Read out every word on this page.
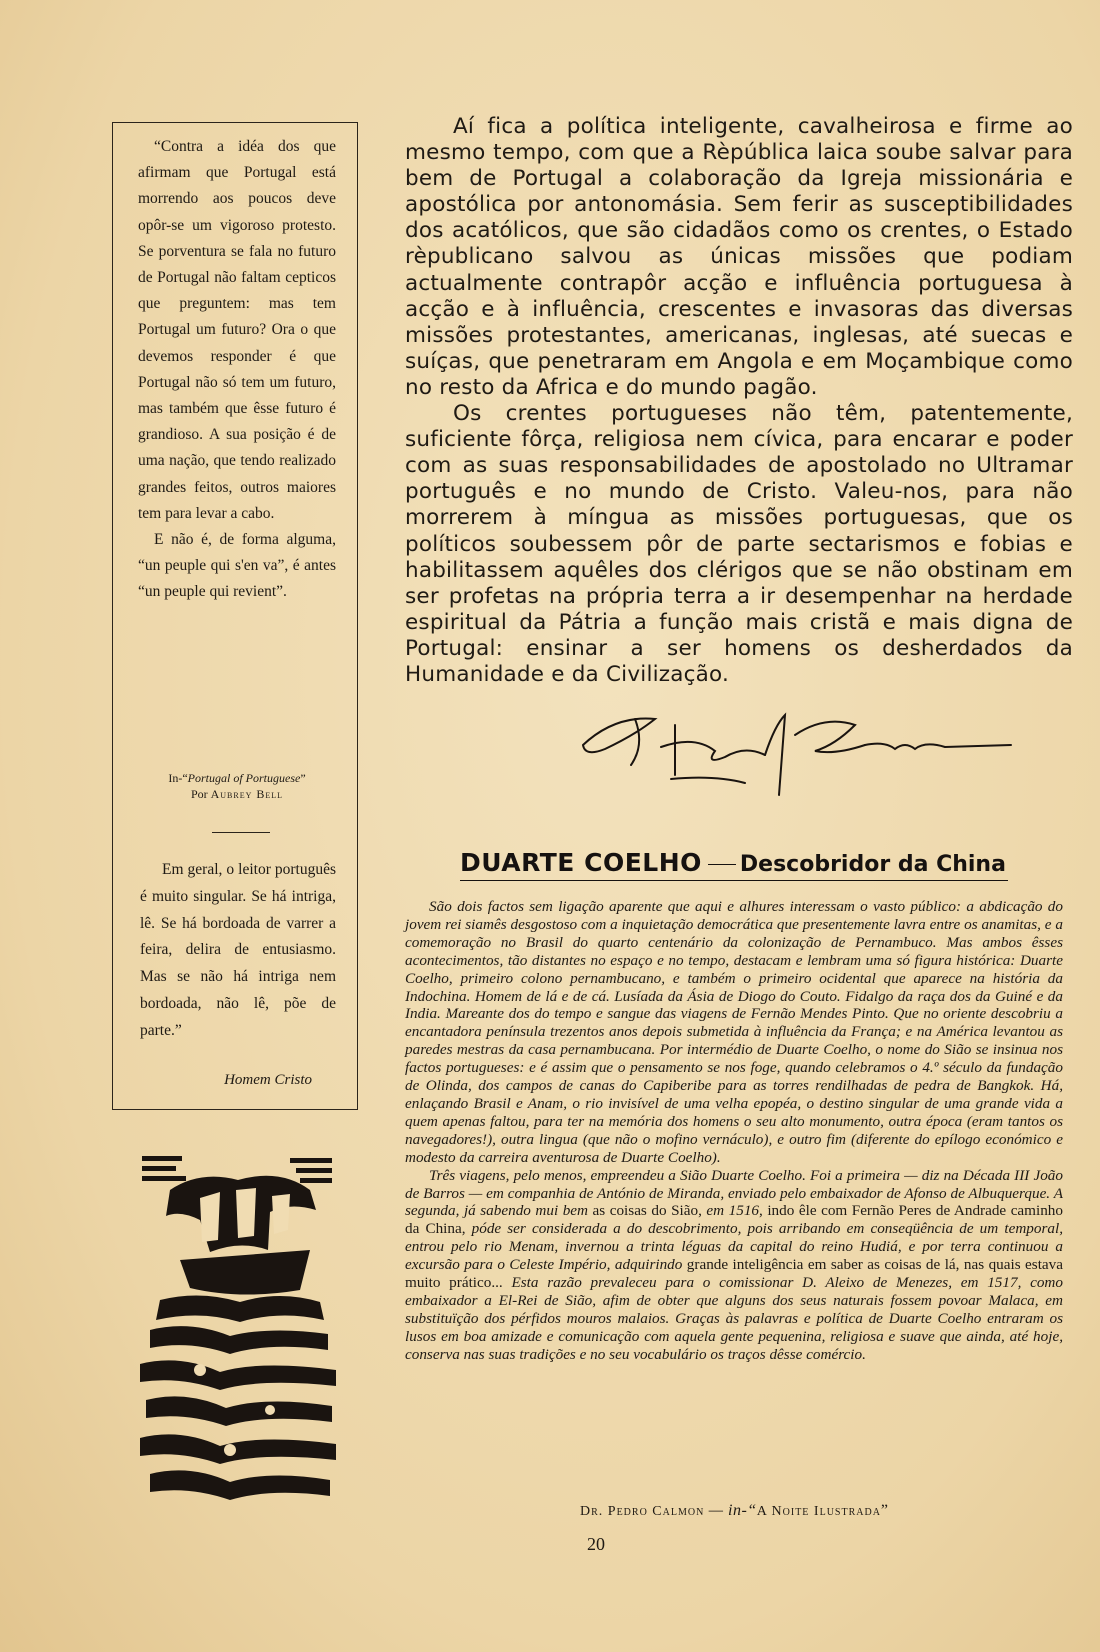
“Contra a idéa dos que afirmam que Portugal está morrendo aos poucos deve opôr-se um vigoroso protesto. Se porventura se fala no futuro de Portugal não faltam cepticos que preguntem: mas tem Portugal um futuro? Ora o que devemos responder é que Portugal não só tem um futuro, mas também que êsse futuro é grandioso. A sua posição é de uma nação, que tendo realizado grandes feitos, outros maiores tem para levar a cabo.

E não é, de forma alguma, “un peuple qui s'en va”, é antes “un peuple qui revient”.

In-“Portugal of Portuguese”
Por Aubrey Bell

Em geral, o leitor português é muito singular. Se há intriga, lê. Se há bordoada de varrer a feira, delira de entusiasmo. Mas se não há intriga nem bordoada, não lê, põe de parte.”

Homem Cristo

Aí fica a política inteligente, cavalheirosa e firme ao mesmo tempo, com que a Rèpública laica soube salvar para bem de Portugal a colaboração da Igreja missionária e apostólica por antonomásia. Sem ferir as susceptibilidades dos acatólicos, que são cidadãos como os crentes, o Estado rèpublicano salvou as únicas missões que podiam actualmente contrapôr acção e influência portuguesa à acção e à influência, crescentes e invasoras das diversas missões protestantes, americanas, inglesas, até suecas e suíças, que penetraram em Angola e em Moçambique como no resto da Africa e do mundo pagão.

Os crentes portugueses não têm, patentemente, suficiente fôrça, religiosa nem cívica, para encarar e poder com as suas responsabilidades de apostolado no Ultramar português e no mundo de Cristo. Valeu-nos, para não morrerem à míngua as missões portuguesas, que os políticos soubessem pôr de parte sectarismos e fobias e habilitassem aquêles dos clérigos que se não obstinam em ser profetas na própria terra a ir desempenhar na herdade espiritual da Pátria a função mais cristã e mais digna de Portugal: ensinar a ser homens os desherdados da Humanidade e da Civilização.

DUARTE COELHO Descobridor da China

São dois factos sem ligação aparente que aqui e alhures interessam o vasto público: a abdicação do jovem rei siamês desgostoso com a inquietação democrática que presentemente lavra entre os anamitas, e a comemoração no Brasil do quarto centenário da colonização de Pernambuco. Mas ambos êsses acontecimentos, tão distantes no espaço e no tempo, destacam e lembram uma só figura histórica: Duarte Coelho, primeiro colono pernambucano, e também o primeiro ocidental que aparece na história da Indochina. Homem de lá e de cá. Lusíada da Ásia de Diogo do Couto. Fidalgo da raça dos da Guiné e da India. Mareante dos do tempo e sangue das viagens de Fernão Mendes Pinto. Que no oriente descobriu a encantadora península trezentos anos depois submetida à influência da França; e na América levantou as paredes mestras da casa pernambucana. Por intermédio de Duarte Coelho, o nome do Sião se insinua nos factos portugueses: e é assim que o pensamento se nos foge, quando celebramos o 4.º século da fundação de Olinda, dos campos de canas do Capiberibe para as torres rendilhadas de pedra de Bangkok. Há, enlaçando Brasil e Anam, o rio invisível de uma velha epopéa, o destino singular de uma grande vida a quem apenas faltou, para ter na memória dos homens o seu alto monumento, outra época (eram tantos os navegadores!), outra lingua (que não o mofino vernáculo), e outro fim (diferente do epílogo económico e modesto da carreira aventurosa de Duarte Coelho).

Três viagens, pelo menos, empreendeu a Sião Duarte Coelho. Foi a primeira — diz na Década III João de Barros — em companhia de António de Miranda, enviado pelo embaixador de Afonso de Albuquerque. A segunda, já sabendo mui bem as coisas do Sião, em 1516, indo êle com Fernão Peres de Andrade caminho da China, póde ser considerada a do descobrimento, pois arribando em conseqüência de um temporal, entrou pelo rio Menam, invernou a trinta léguas da capital do reino Hudiá, e por terra continuou a excursão para o Celeste Império, adquirindo grande inteligência em saber as coisas de lá, nas quais estava muito prático... Esta razão prevaleceu para o comissionar D. Aleixo de Menezes, em 1517, como embaixador a El-Rei de Sião, afim de obter que alguns dos seus naturais fossem povoar Malaca, em substituïção dos pérfidos mouros malaios. Graças às palavras e política de Duarte Coelho entraram os lusos em boa amizade e comunicação com aquela gente pequenina, religiosa e suave que ainda, até hoje, conserva nas suas tradições e no seu vocabulário os traços dêsse comércio.

Dr. Pedro Calmon — in-“A Noite Ilustrada”
20
